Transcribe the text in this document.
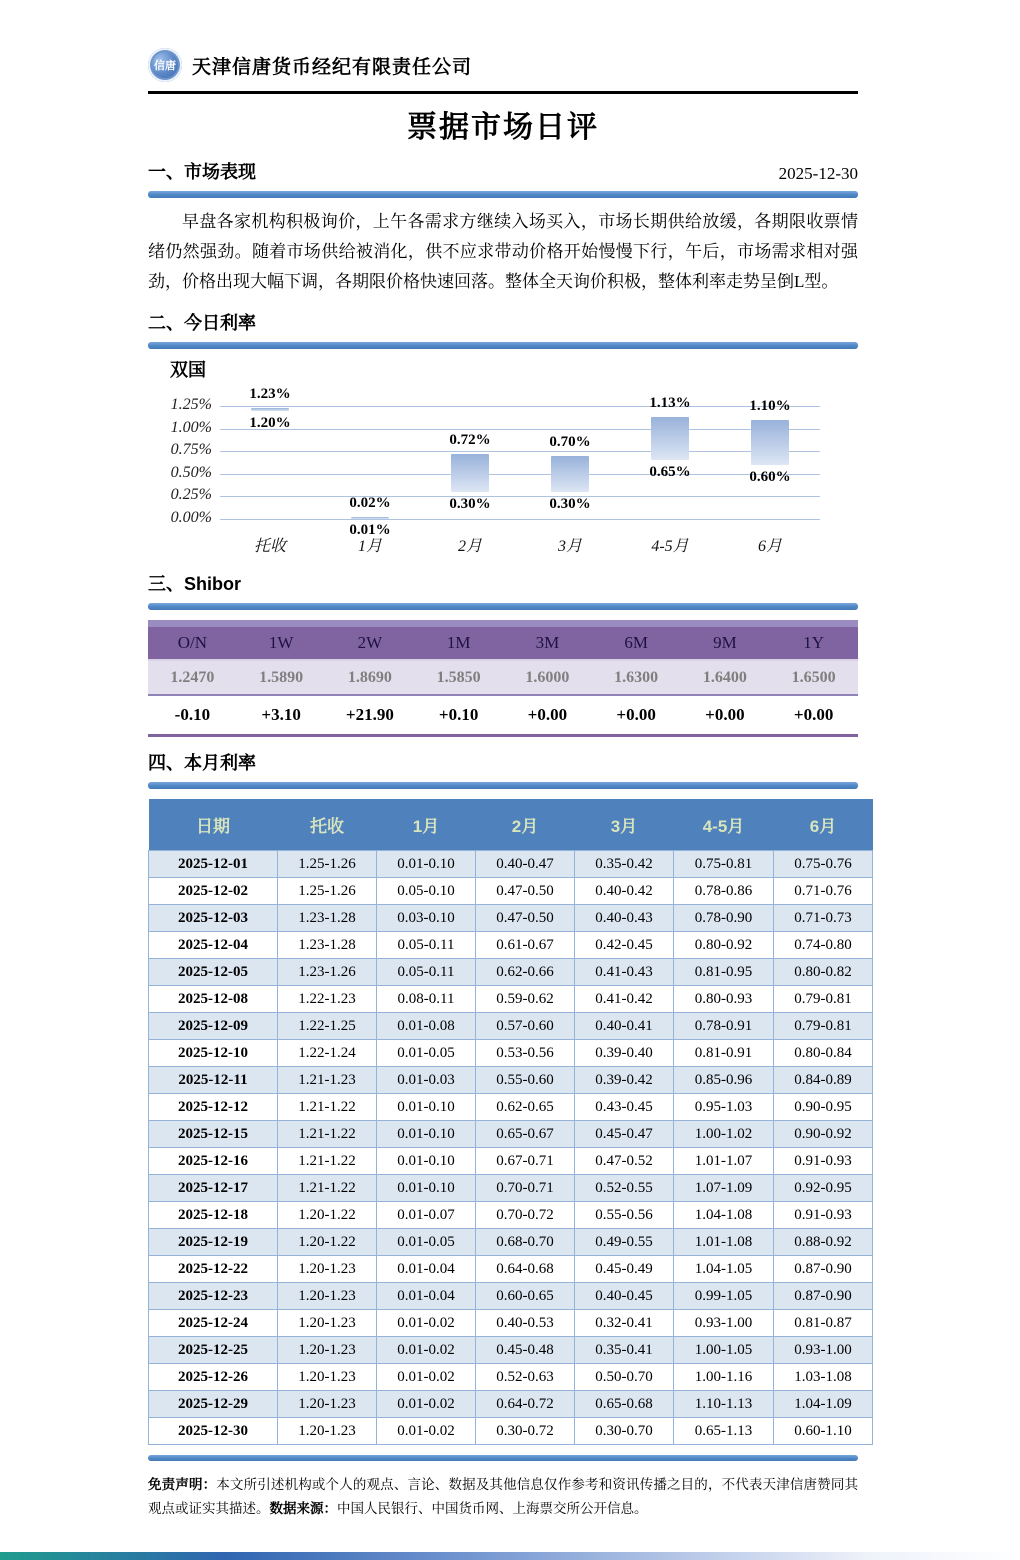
信唐 天津信唐货币经纪有限责任公司
票据市场日评
一、市场表现	2025-12-30
早盘各家机构积极询价，上午各需求方继续入场买入，市场长期供给放缓，各期限收票情绪仍然强劲。随着市场供给被消化，供不应求带动价格开始慢慢下行，午后，市场需求相对强劲，价格出现大幅下调，各期限价格快速回落。整体全天询价积极，整体利率走势呈倒L型。
二、今日利率
双国
0.00%
0.25%
0.50%
0.75%
1.00%
1.25%
1.23%
1.20%
托收
0.02%
0.01%
1月
0.72%
0.30%
2月
0.70%
0.30%
3月
1.13%
0.65%
4-5月
1.10%
0.60%
6月
三、Shibor
O/N	1W	2W	1M	3M	6M	9M	1Y
1.2470	1.5890	1.8690	1.5850	1.6000	1.6300	1.6400	1.6500
-0.10	+3.10	+21.90	+0.10	+0.00	+0.00	+0.00	+0.00
四、本月利率
日期	托收	1月	2月	3月	4-5月	6月
2025-12-01	1.25-1.26	0.01-0.10	0.40-0.47	0.35-0.42	0.75-0.81	0.75-0.76
2025-12-02	1.25-1.26	0.05-0.10	0.47-0.50	0.40-0.42	0.78-0.86	0.71-0.76
2025-12-03	1.23-1.28	0.03-0.10	0.47-0.50	0.40-0.43	0.78-0.90	0.71-0.73
2025-12-04	1.23-1.28	0.05-0.11	0.61-0.67	0.42-0.45	0.80-0.92	0.74-0.80
2025-12-05	1.23-1.26	0.05-0.11	0.62-0.66	0.41-0.43	0.81-0.95	0.80-0.82
2025-12-08	1.22-1.23	0.08-0.11	0.59-0.62	0.41-0.42	0.80-0.93	0.79-0.81
2025-12-09	1.22-1.25	0.01-0.08	0.57-0.60	0.40-0.41	0.78-0.91	0.79-0.81
2025-12-10	1.22-1.24	0.01-0.05	0.53-0.56	0.39-0.40	0.81-0.91	0.80-0.84
2025-12-11	1.21-1.23	0.01-0.03	0.55-0.60	0.39-0.42	0.85-0.96	0.84-0.89
2025-12-12	1.21-1.22	0.01-0.10	0.62-0.65	0.43-0.45	0.95-1.03	0.90-0.95
2025-12-15	1.21-1.22	0.01-0.10	0.65-0.67	0.45-0.47	1.00-1.02	0.90-0.92
2025-12-16	1.21-1.22	0.01-0.10	0.67-0.71	0.47-0.52	1.01-1.07	0.91-0.93
2025-12-17	1.21-1.22	0.01-0.10	0.70-0.71	0.52-0.55	1.07-1.09	0.92-0.95
2025-12-18	1.20-1.22	0.01-0.07	0.70-0.72	0.55-0.56	1.04-1.08	0.91-0.93
2025-12-19	1.20-1.22	0.01-0.05	0.68-0.70	0.49-0.55	1.01-1.08	0.88-0.92
2025-12-22	1.20-1.23	0.01-0.04	0.64-0.68	0.45-0.49	1.04-1.05	0.87-0.90
2025-12-23	1.20-1.23	0.01-0.04	0.60-0.65	0.40-0.45	0.99-1.05	0.87-0.90
2025-12-24	1.20-1.23	0.01-0.02	0.40-0.53	0.32-0.41	0.93-1.00	0.81-0.87
2025-12-25	1.20-1.23	0.01-0.02	0.45-0.48	0.35-0.41	1.00-1.05	0.93-1.00
2025-12-26	1.20-1.23	0.01-0.02	0.52-0.63	0.50-0.70	1.00-1.16	1.03-1.08
2025-12-29	1.20-1.23	0.01-0.02	0.64-0.72	0.65-0.68	1.10-1.13	1.04-1.09
2025-12-30	1.20-1.23	0.01-0.02	0.30-0.72	0.30-0.70	0.65-1.13	0.60-1.10
免责声明：本文所引述机构或个人的观点、言论、数据及其他信息仅作参考和资讯传播之目的，不代表天津信唐赞同其观点或证实其描述。数据来源：中国人民银行、中国货币网、上海票交所公开信息。
